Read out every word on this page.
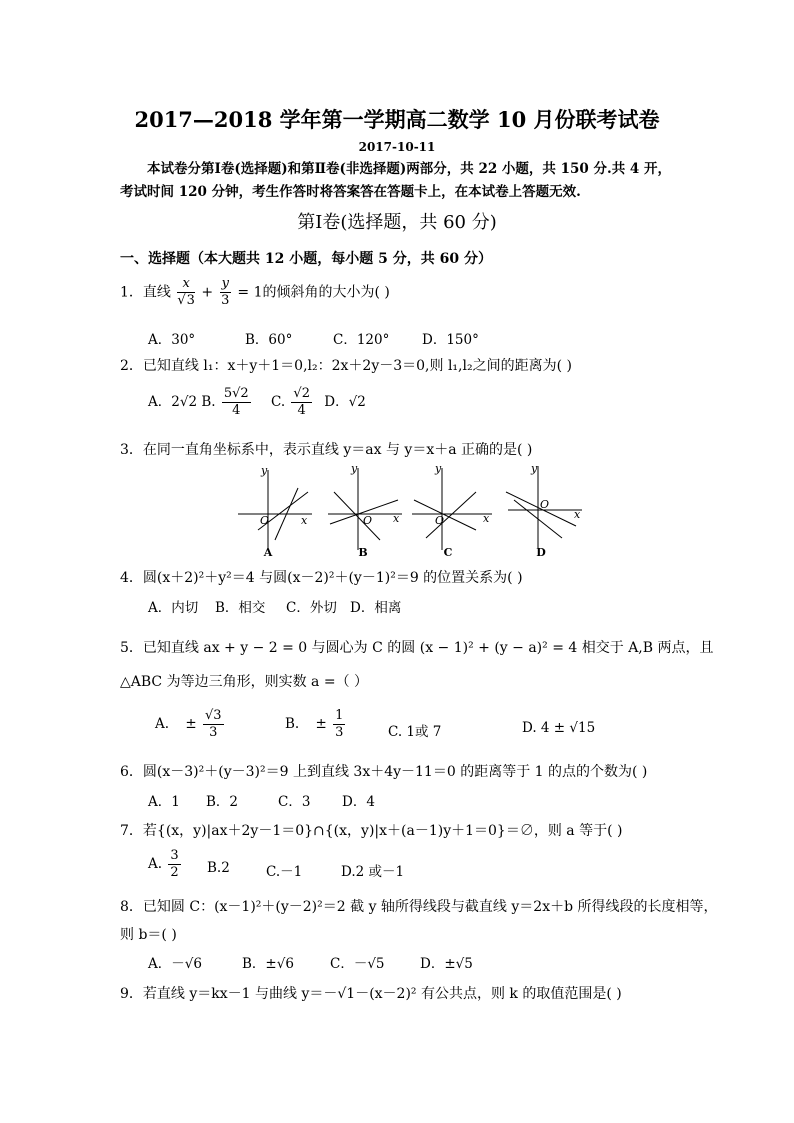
2017—2018 学年第一学期高二数学 10 月份联考试卷
2017-10-11
本试卷分第Ⅰ卷(选择题)和第Ⅱ卷(非选择题)两部分，共 22 小题，共 150 分.共 4 开，考试时间 120 分钟，考生作答时将答案答在答题卡上，在本试卷上答题无效.
第Ⅰ卷(选择题，共 60 分)
一、选择题（本大题共 12 小题，每小题 5 分，共 60 分）
1．直线 $\frac{x}{√3} + \frac{y}{3} = 1$的倾斜角的大小为( )
A．30°	B．60°	C．120° D．150°
2．已知直线 l₁：x＋y＋1＝0,l₂：2x＋2y－3＝0,则 l₁,l₂之间的距离为( )
A．2√2 B. $\frac{5√2}{4} C$. $\frac{√2}{4}$ D．√2
3．在同一直角坐标系中，表示直线 y＝ax 与 y＝x＋a 正确的是( )
O	x
y
A
O x
y
B
O	x
y
C
O
x
y
D
4．圆(x＋2)²＋y²＝4 与圆(x－2)²＋(y－1)²＝9 的位置关系为( )
A．内切 B．相交 C．外切 D．相离
5．已知直线 ax + y − 2 = 0 与圆心为 C 的圆 (x − 1)² + (y − a)² = 4 相交于 A,B 两点，且
△ABC 为等边三角形，则实数 a =（ ）
A. ± $\frac{√3}{3}$	B. ± $\frac{1}{3}$	C. 1或 7	D. 4 ± √15
6．圆(x－3)²＋(y－3)²＝9 上到直线 3x＋4y－11＝0 的距离等于 1 的点的个数为( )
A．1 B．2	C．3 D．4
7．若{(x，y)|ax＋2y－1＝0}∩{(x，y)|x＋(a－1)y＋1＝0}＝∅，则 a 等于( )
A. $\frac{3}{2} B.2$	C.－1	D.2 或－1
8．已知圆 C：(x－1)²＋(y－2)²＝2 截 y 轴所得线段与截直线 y＝2x＋b 所得线段的长度相等，
则 b＝( )
A．－√6	B．±√6	C．－√5	D．±√5
9．若直线 y＝kx－1 与曲线 y＝－√1－(x－2)² 有公共点，则 k 的取值范围是( )
